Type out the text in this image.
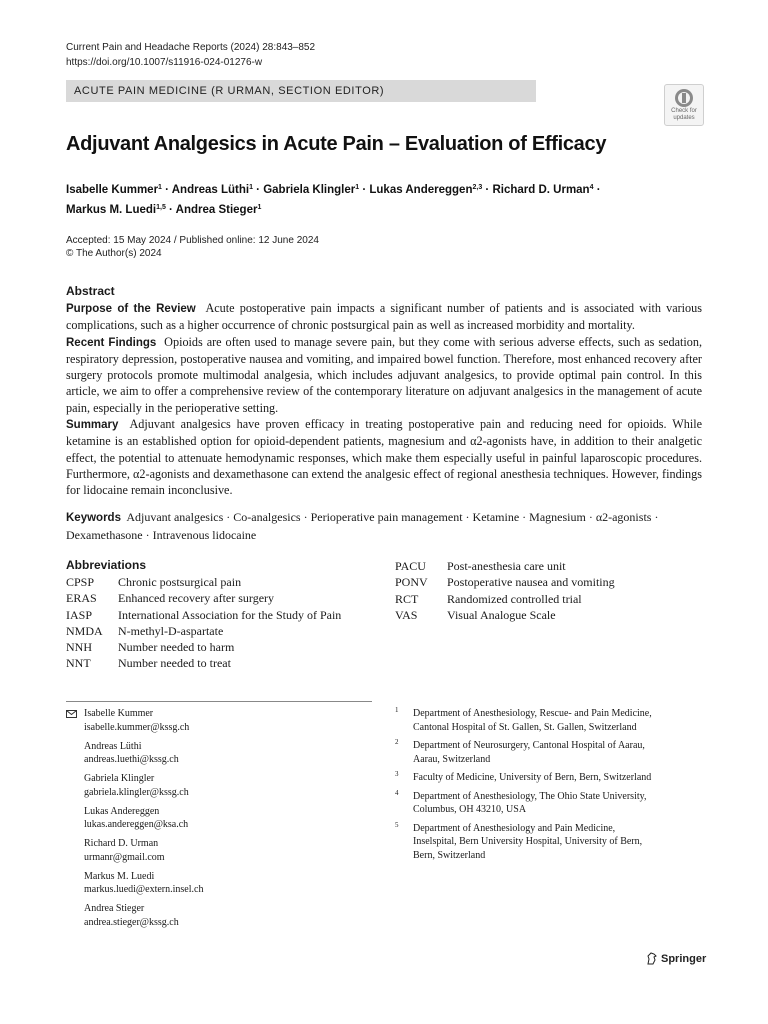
Current Pain and Headache Reports (2024) 28:843–852
https://doi.org/10.1007/s11916-024-01276-w
ACUTE PAIN MEDICINE (R URMAN, SECTION EDITOR)
Check for
updates
Adjuvant Analgesics in Acute Pain – Evaluation of Efficacy
Isabelle Kummer$^1$ · Andreas Lüthi$^1$ · Gabriela Klingler$^1$ · Lukas Andereggen$^{2,3}$ · Richard D. Urman$^4$ ·
Markus M. Luedi$^{1,5}$ · Andrea Stieger$^1$
Accepted: 15 May 2024 / Published online: 12 June 2024
© The Author(s) 2024
Abstract

Purpose of the Review Acute postoperative pain impacts a significant number of patients and is associated with various complications, such as a higher occurrence of chronic postsurgical pain as well as increased morbidity and mortality.

Recent Findings Opioids are often used to manage severe pain, but they come with serious adverse effects, such as sedation, respiratory depression, postoperative nausea and vomiting, and impaired bowel function. Therefore, most enhanced recovery after surgery protocols promote multimodal analgesia, which includes adjuvant analgesics, to provide optimal pain control. In this article, we aim to offer a comprehensive review of the contemporary literature on adjuvant analgesics in the management of acute pain, especially in the perioperative setting.

Summary Adjuvant analgesics have proven efficacy in treating postoperative pain and reducing need for opioids. While ketamine is an established option for opioid-dependent patients, magnesium and α2-agonists have, in addition to their analgetic effect, the potential to attenuate hemodynamic responses, which make them especially useful in painful laparoscopic procedures. Furthermore, α2-agonists and dexamethasone can extend the analgesic effect of regional anesthesia techniques. However, findings for lidocaine remain inconclusive.

Keywords Adjuvant analgesics · Co-analgesics · Perioperative pain management · Ketamine · Magnesium · α2-agonists · Dexamethasone · Intravenous lidocaine
Abbreviations
CPSP	Chronic postsurgical pain
ERAS	Enhanced recovery after surgery
IASP	International Association for the Study of Pain
NMDA	N-methyl-D-aspartate
NNH	Number needed to harm
NNT	Number needed to treat
PACU	Post-anesthesia care unit
PONV	Postoperative nausea and vomiting
RCT	Randomized controlled trial
VAS	Visual Analogue Scale
Isabelle Kummer
isabelle.kummer@kssg.ch
Andreas Lüthi
andreas.luethi@kssg.ch
Gabriela Klingler
gabriela.klingler@kssg.ch
Lukas Andereggen
lukas.andereggen@ksa.ch
Richard D. Urman
urmanr@gmail.com
Markus M. Luedi
markus.luedi@extern.insel.ch
Andrea Stieger
andrea.stieger@kssg.ch
1 Department of Anesthesiology, Rescue- and Pain Medicine,
Cantonal Hospital of St. Gallen, St. Gallen, Switzerland
2 Department of Neurosurgery, Cantonal Hospital of Aarau,
Aarau, Switzerland
3 Faculty of Medicine, University of Bern, Bern, Switzerland
4 Department of Anesthesiology, The Ohio State University,
Columbus, OH 43210, USA
5 Department of Anesthesiology and Pain Medicine,
Inselspital, Bern University Hospital, University of Bern,
Bern, Switzerland
Springer
